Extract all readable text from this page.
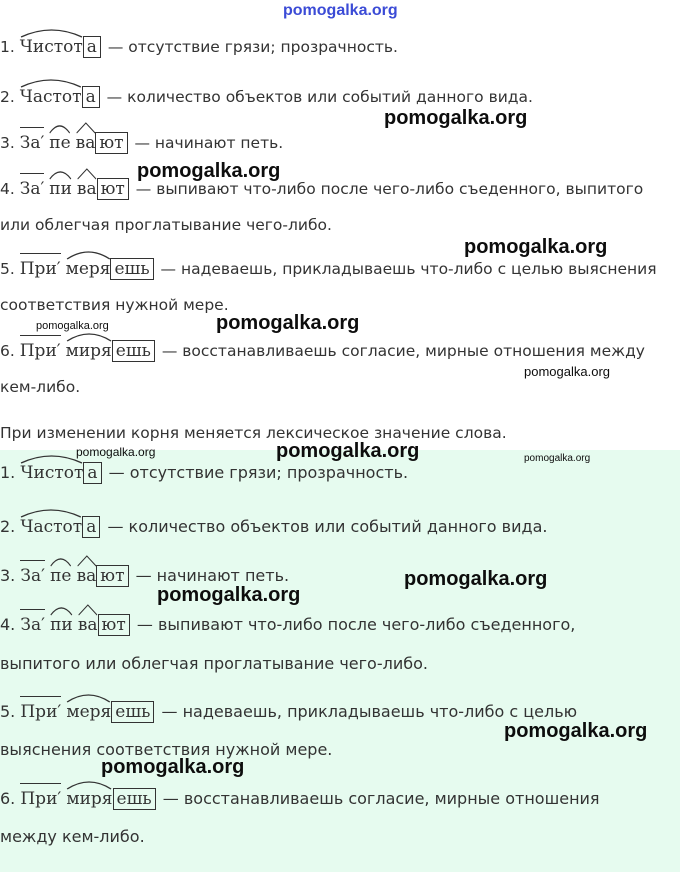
pomogalka.org
1. Чистот а — отсутствие грязи; прозрачность.
2. Частот а — количество объектов или событий данного вида.
3. За′ пе ва ют — начинают петь.
4. За′ пи ва ют — выпивают что-либо после чего-либо съеденного, выпитого
или облегчая проглатывание чего-либо.
5. При′ меря ешь — надеваешь, прикладываешь что-либо с целью выяснения
соответствия нужной мере.
6. При′ миря ешь — восстанавливаешь согласие, мирные отношения между
кем-либо.
При изменении корня меняется лексическое значение слова.
1. Чистот а — отсутствие грязи; прозрачность.
2. Частот а — количество объектов или событий данного вида.
3. За′ пе ва ют — начинают петь.
4. За′ пи ва ют — выпивают что-либо после чего-либо съеденного,
выпитого или облегчая проглатывание чего-либо.
5. При′ меря ешь — надеваешь, прикладываешь что-либо с целью
выяснения соответствия нужной мере.
6. При′ миря ешь — восстанавливаешь согласие, мирные отношения
между кем-либо.
pomogalka.org
pomogalka.org
pomogalka.org
pomogalka.org	pomogalka.org
pomogalka.org
pomogalka.org	pomogalka.org	pomogalka.org
pomogalka.org
pomogalka.org
pomogalka.org
pomogalka.org
